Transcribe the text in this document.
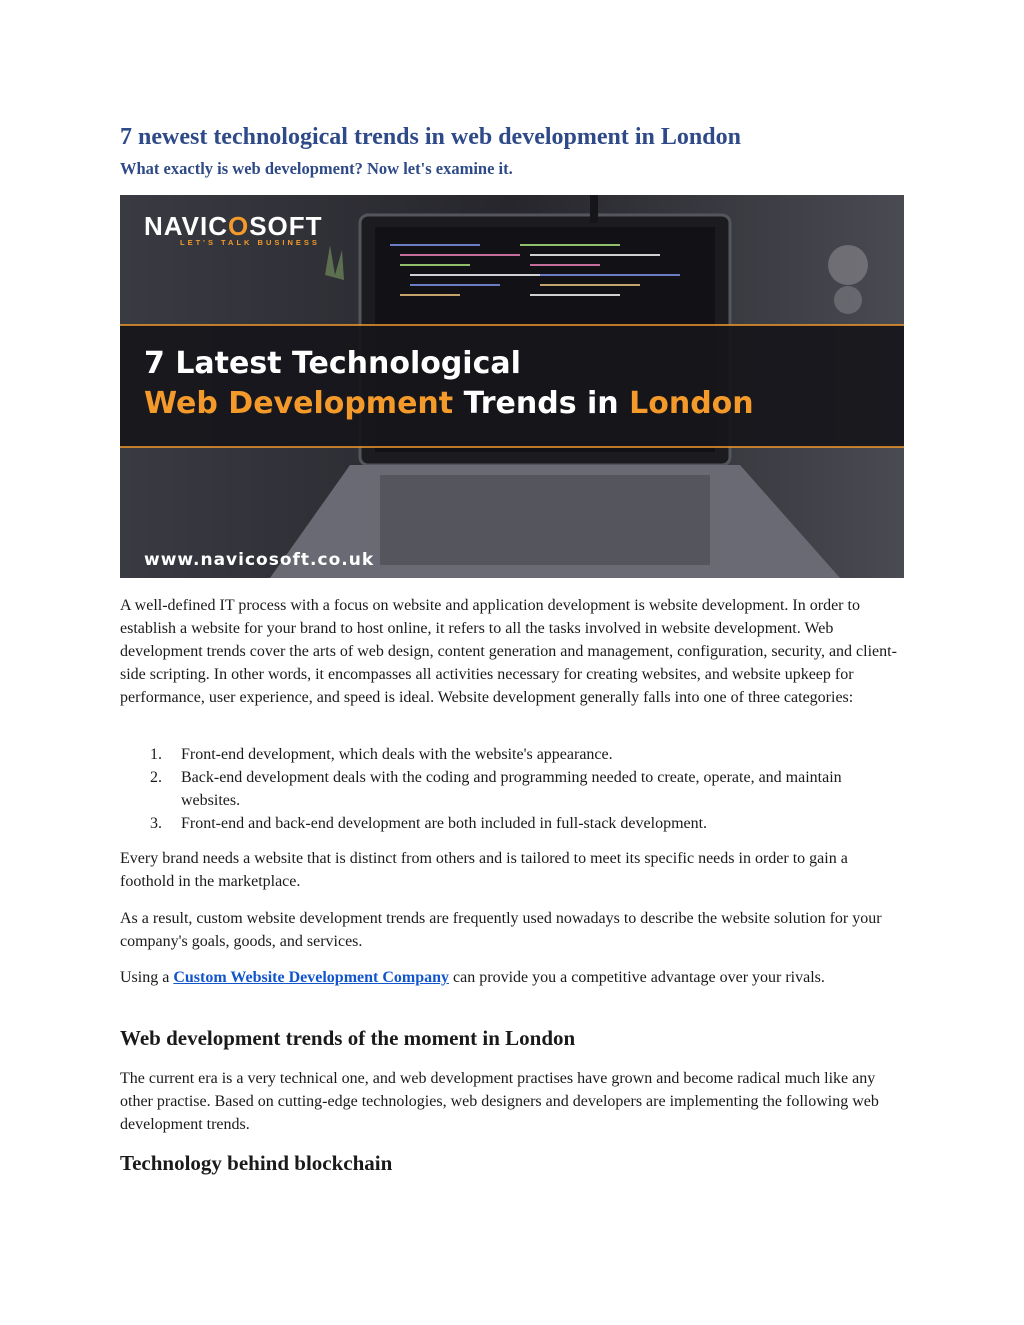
7 newest technological trends in web development in London
What exactly is web development? Now let's examine it.
NAVICOSOFT
LET'S TALK BUSINESS
7 Latest Technological
Web Development Trends in London
www.navicosoft.co.uk

A well-defined IT process with a focus on website and application development is website development. In order to establish a website for your brand to host online, it refers to all the tasks involved in website development. Web development trends cover the arts of web design, content generation and management, configuration, security, and client-side scripting. In other words, it encompasses all activities necessary for creating websites, and website upkeep for performance, user experience, and speed is ideal. Website development generally falls into one of three categories:

1. Front-end development, which deals with the website's appearance.
2. Back-end development deals with the coding and programming needed to create, operate, and maintain websites.
3. Front-end and back-end development are both included in full-stack development.

Every brand needs a website that is distinct from others and is tailored to meet its specific needs in order to gain a foothold in the marketplace.

As a result, custom website development trends are frequently used nowadays to describe the website solution for your company's goals, goods, and services.

Using a Custom Website Development Company can provide you a competitive advantage over your rivals.

Web development trends of the moment in London

The current era is a very technical one, and web development practises have grown and become radical much like any other practise. Based on cutting-edge technologies, web designers and developers are implementing the following web development trends.

Technology behind blockchain
